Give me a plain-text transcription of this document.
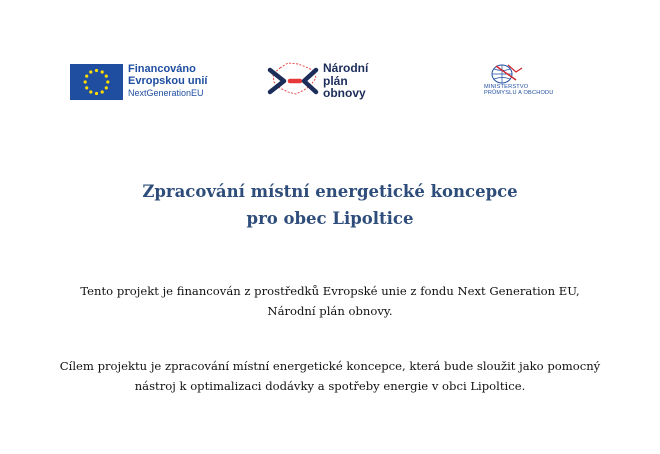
Financováno
Evropskou unií
NextGenerationEU
Národní
plán
obnovy	MINISTERSTVO
PRŮMYSLU A OBCHODU
Zpracování místní energetické koncepce
pro obec Lipoltice
Tento projekt je financován z prostředků Evropské unie z fondu Next Generation EU,
Národní plán obnovy.
Cílem projektu je zpracování místní energetické koncepce, která bude sloužit jako pomocný
nástroj k optimalizaci dodávky a spotřeby energie v obci Lipoltice.
